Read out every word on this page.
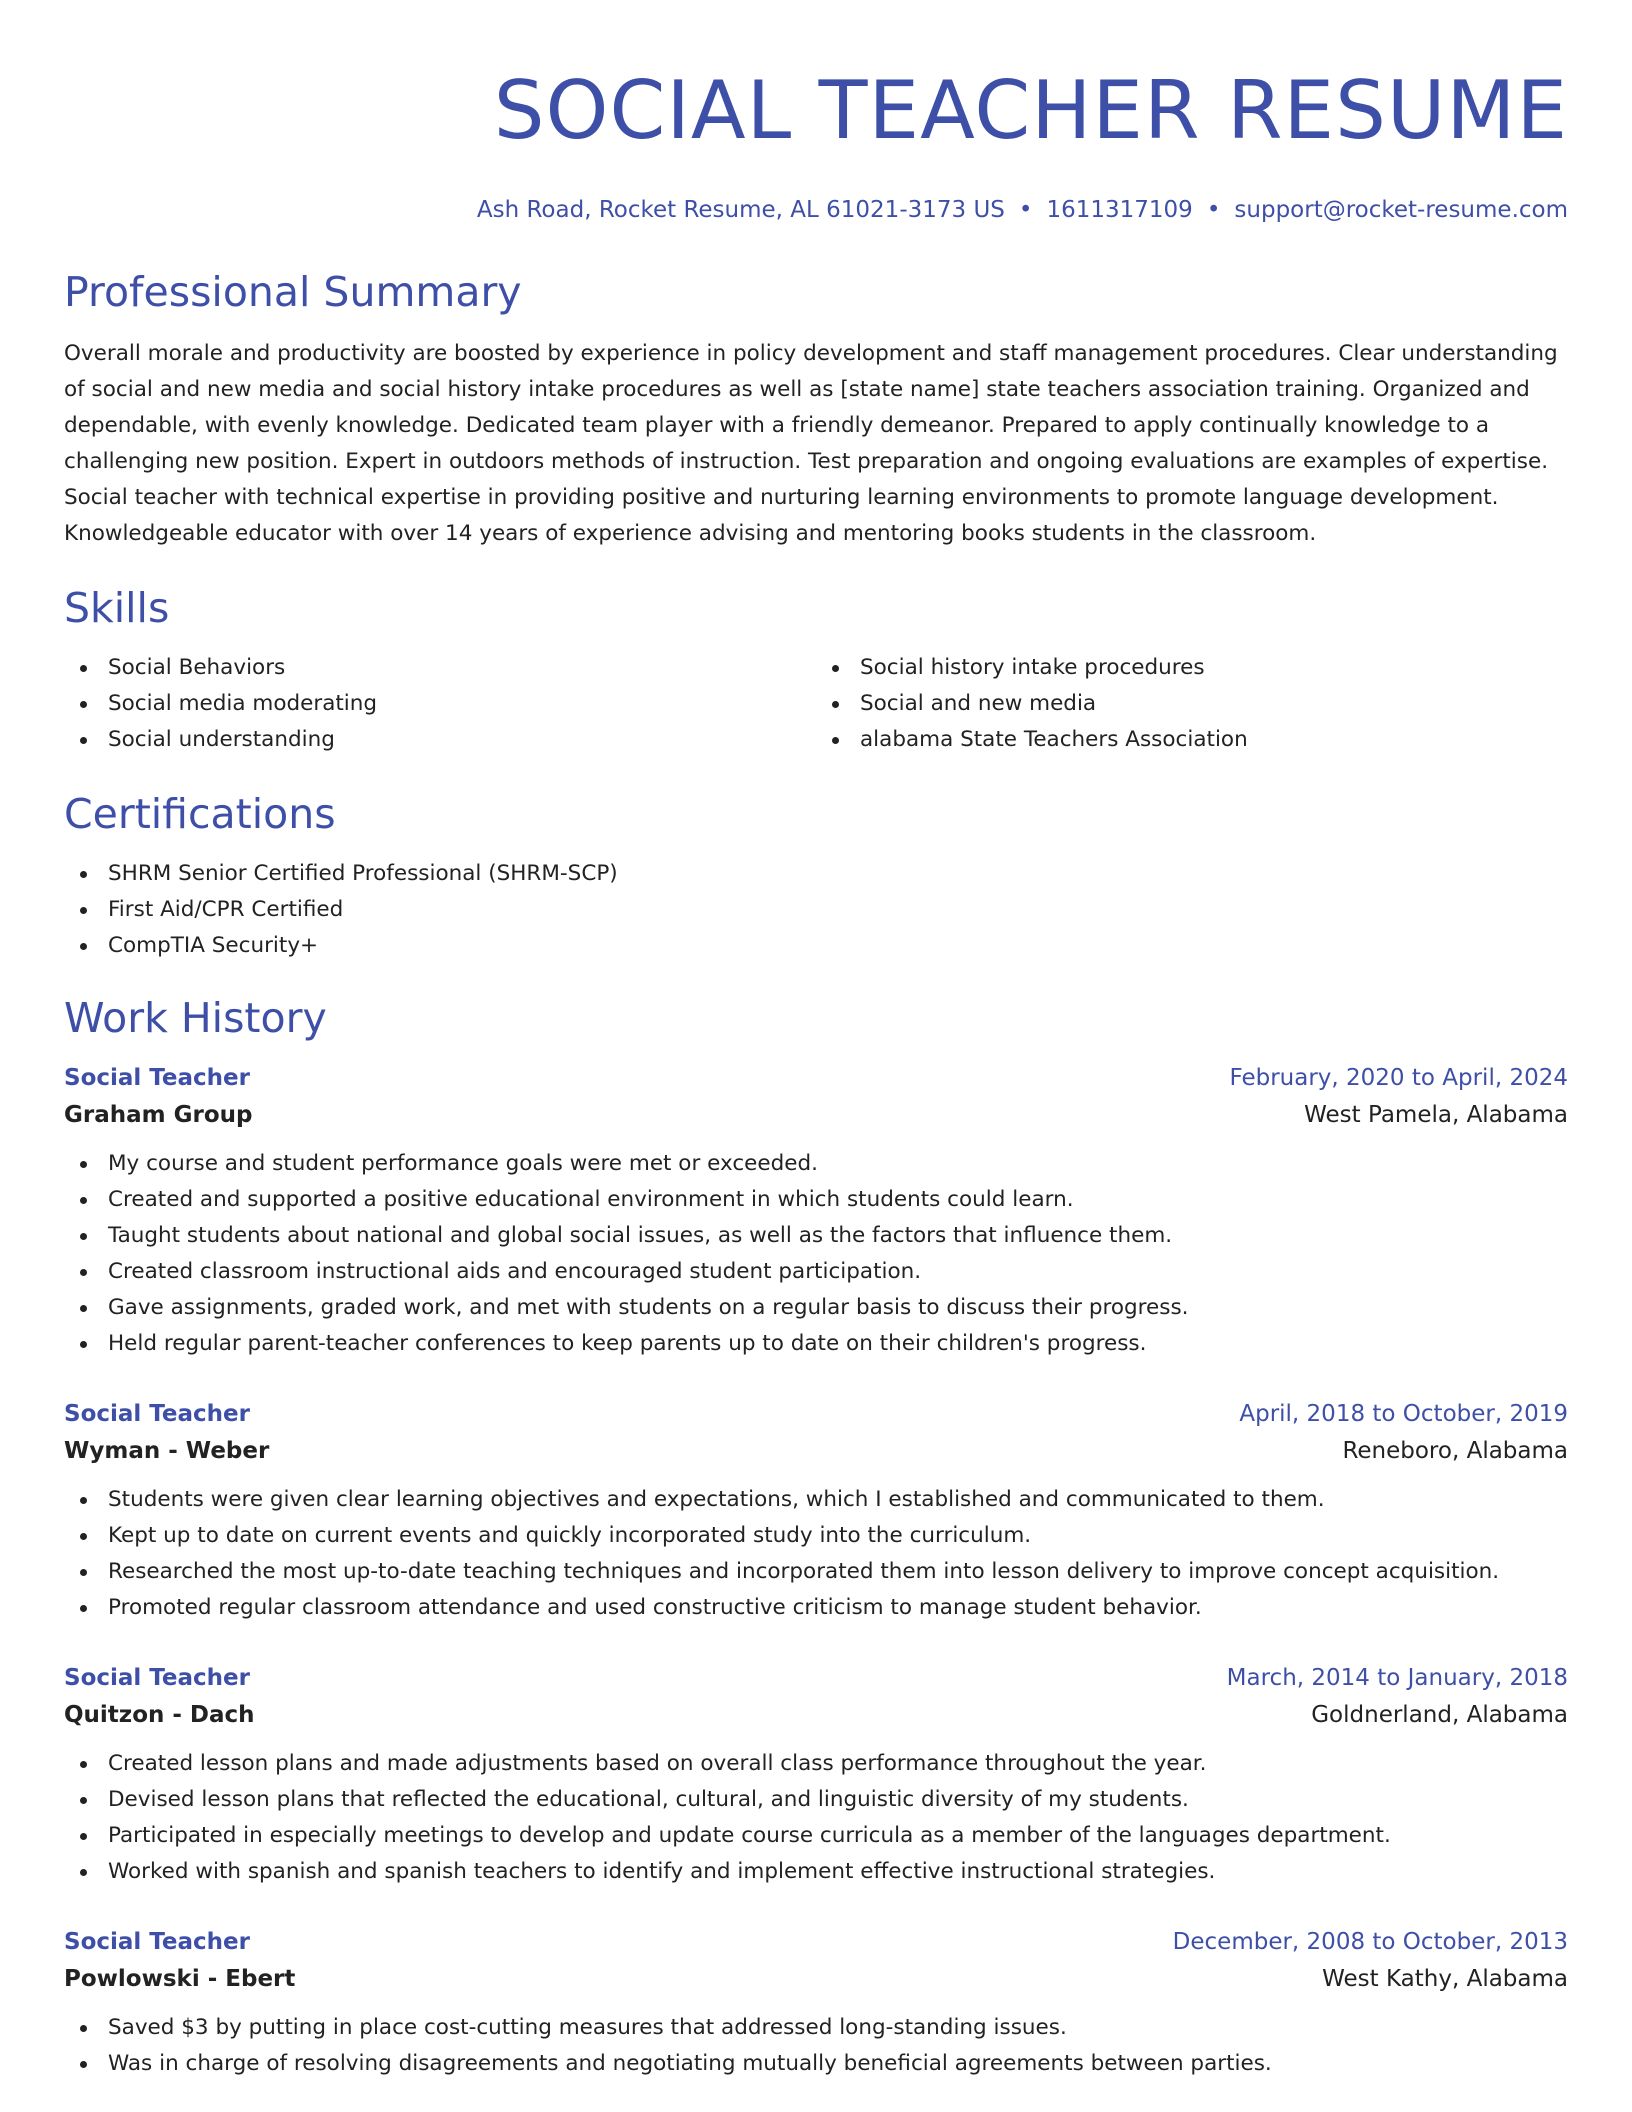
SOCIAL TEACHER RESUME
Ash Road, Rocket Resume, AL 61021-3173 US • 1611317109 • support@rocket-resume.com
Professional Summary

Overall morale and productivity are boosted by experience in policy development and staff management procedures. Clear understanding of social and new media and social history intake procedures as well as [state name] state teachers association training. Organized and dependable, with evenly knowledge. Dedicated team player with a friendly demeanor. Prepared to apply continually knowledge to a challenging new position. Expert in outdoors methods of instruction. Test preparation and ongoing evaluations are examples of expertise. Social teacher with technical expertise in providing positive and nurturing learning environments to promote language development. Knowledgeable educator with over 14 years of experience advising and mentoring books students in the classroom.

Skills
Social Behaviors
Social media moderating
Social understanding
Social history intake procedures
Social and new media
alabama State Teachers Association
Certifications
SHRM Senior Certified Professional (SHRM-SCP)
First Aid/CPR Certified
CompTIA Security+
Work History
Social Teacher	February, 2020 to April, 2024
Graham Group	West Pamela, Alabama
My course and student performance goals were met or exceeded.
Created and supported a positive educational environment in which students could learn.
Taught students about national and global social issues, as well as the factors that influence them.
Created classroom instructional aids and encouraged student participation.
Gave assignments, graded work, and met with students on a regular basis to discuss their progress.
Held regular parent-teacher conferences to keep parents up to date on their children's progress.
Social Teacher	April, 2018 to October, 2019
Wyman - Weber	Reneboro, Alabama
Students were given clear learning objectives and expectations, which I established and communicated to them.
Kept up to date on current events and quickly incorporated study into the curriculum.
Researched the most up-to-date teaching techniques and incorporated them into lesson delivery to improve concept acquisition.
Promoted regular classroom attendance and used constructive criticism to manage student behavior.
Social Teacher	March, 2014 to January, 2018
Quitzon - Dach	Goldnerland, Alabama
Created lesson plans and made adjustments based on overall class performance throughout the year.
Devised lesson plans that reflected the educational, cultural, and linguistic diversity of my students.
Participated in especially meetings to develop and update course curricula as a member of the languages department.
Worked with spanish and spanish teachers to identify and implement effective instructional strategies.
Social Teacher	December, 2008 to October, 2013
Powlowski - Ebert	West Kathy, Alabama
Saved $3 by putting in place cost-cutting measures that addressed long-standing issues.
Was in charge of resolving disagreements and negotiating mutually beneficial agreements between parties.
